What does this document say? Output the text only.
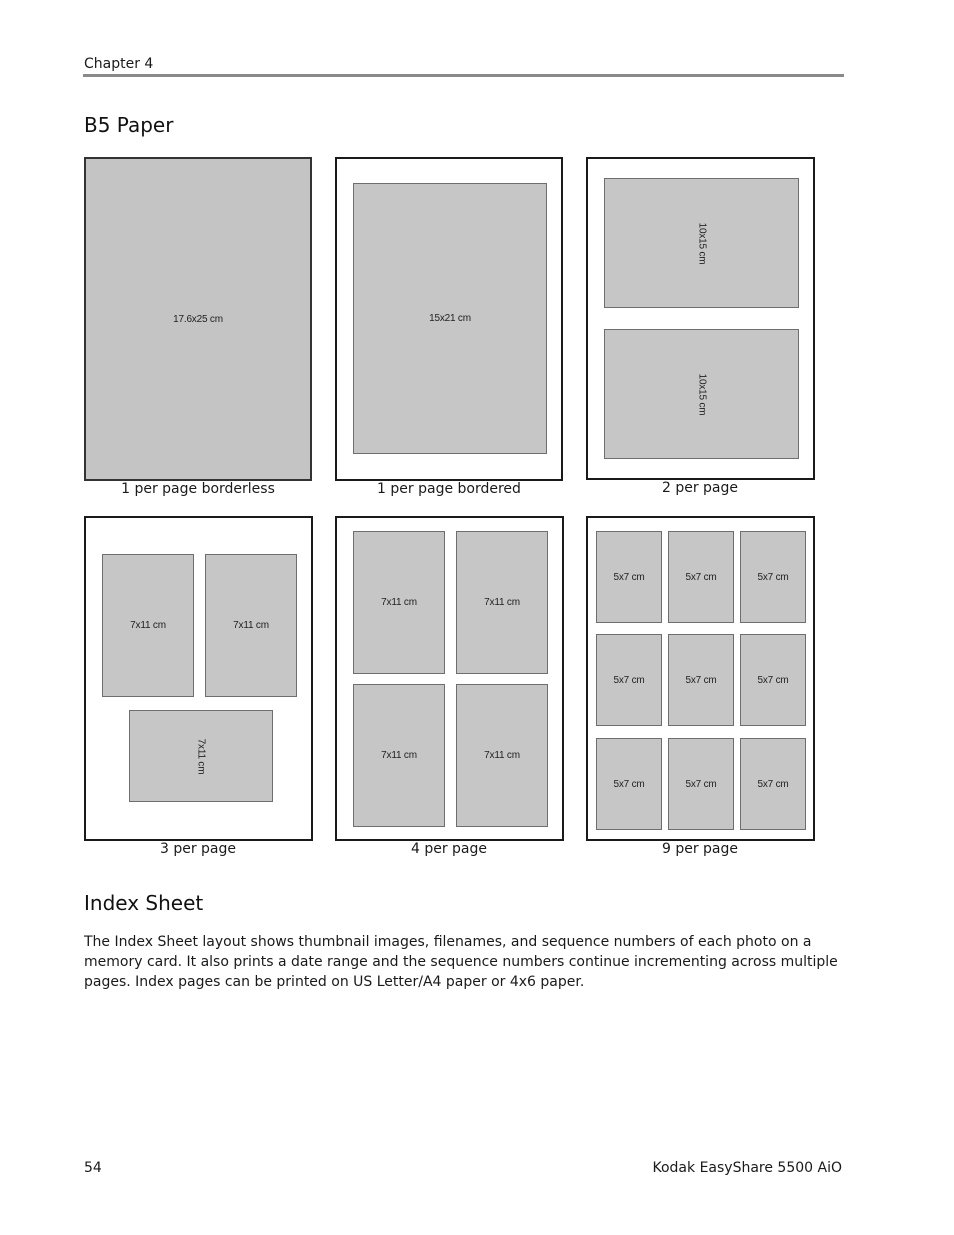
Chapter 4
B5 Paper
17.6x25 cm
1 per page borderless
15x21 cm
1 per page bordered
10x15 cm
10x15 cm
2 per page
7x11 cm	7x11 cm
7x11 cm
3 per page
7x11 cm	7x11 cm
7x11 cm	7x11 cm
4 per page
5x7 cm	5x7 cm	5x7 cm
5x7 cm	5x7 cm	5x7 cm
5x7 cm	5x7 cm	5x7 cm
9 per page
Index Sheet
The Index Sheet layout shows thumbnail images, filenames, and sequence numbers of each photo on a memory card. It also prints a date range and the sequence numbers continue incrementing across multiple pages. Index pages can be printed on US Letter/A4 paper or 4x6 paper.
54	Kodak EasyShare 5500 AiO
